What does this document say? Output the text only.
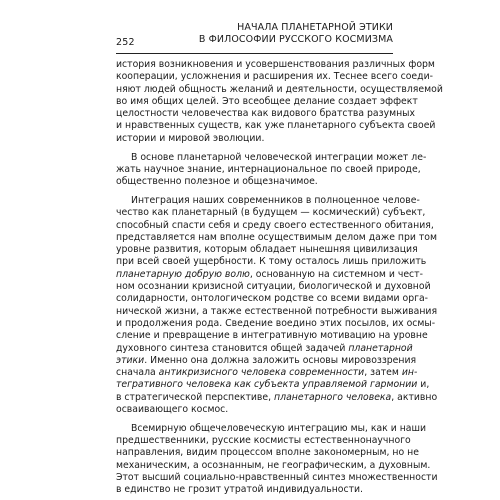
252
НАЧАЛА ПЛАНЕТАРНОЙ ЭТИКИ
В ФИЛОСОФИИ РУССКОГО КОСМИЗМА
история возникновения и усовершенствования различных форм
кооперации, усложнения и расширения их. Теснее всего соеди-
няют людей общность желаний и деятельности, осуществляемой
во имя общих целей. Это всеобщее делание создает эффект
целостности человечества как видового братства разумных
и нравственных существ, как уже планетарного субъекта своей
истории и мировой эволюции.
В основе планетарной человеческой интеграции может ле-
жать научное знание, интернациональное по своей природе,
общественно полезное и общезначимое.
Интеграция наших современников в полноценное челове-
чество как планетарный (в будущем — космический) субъект,
способный спасти себя и среду своего естественного обитания,
представляется нам вполне осуществимым делом даже при том
уровне развития, которым обладает нынешняя цивилизация
при всей своей ущербности. К тому осталось лишь приложить
планетарную добрую волю, основанную на системном и чест-
ном осознании кризисной ситуации, биологической и духовной
солидарности, онтологическом родстве со всеми видами орга-
нической жизни, а также естественной потребности выживания
и продолжения рода. Сведение воедино этих посылов, их осмы-
сление и превращение в интегративную мотивацию на уровне
духовного синтеза становится общей задачей планетарной
этики. Именно она должна заложить основы мировоззрения
сначала антикризисного человека современности, затем ин-
тегративного человека как субъекта управляемой гармонии и,
в стратегической перспективе, планетарного человека, активно
осваивающего космос.
Всемирную общечеловеческую интеграцию мы, как и наши
предшественники, русские космисты естественнонаучного
направления, видим процессом вполне закономерным, но не
механическим, а осознанным, не географическим, а духовным.
Этот высший социально-нравственный синтез множественности
в единство не грозит утратой индивидуальности.
